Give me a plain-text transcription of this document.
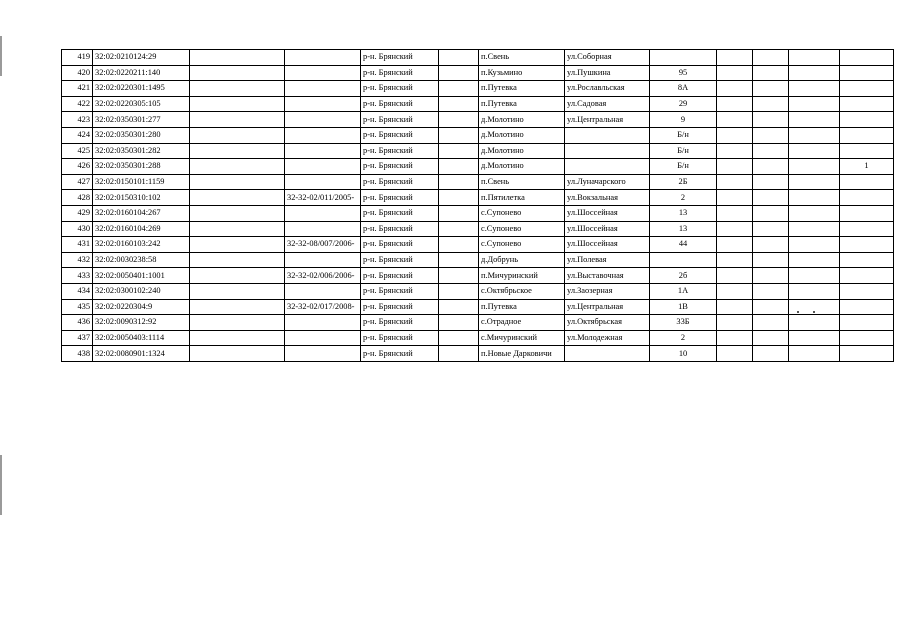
419	32:02:0210124:29			р-н. Брянский		п.Свень	ул.Соборная					
420	32:02:0220211:140			р-н. Брянский		п.Кузьмино	ул.Пушкина	95				
421	32:02:0220301:1495			р-н. Брянский		п.Путевка	ул.Рославльская	8А				
422	32:02:0220305:105			р-н. Брянский		п.Путевка	ул.Садовая	29				
423	32:02:0350301:277			р-н. Брянский		д.Молотино	ул.Центральная	9				
424	32:02:0350301:280			р-н. Брянский		д.Молотино		Б/н				
425	32:02:0350301:282			р-н. Брянский		д.Молотино		Б/н				
426	32:02:0350301:288			р-н. Брянский		д.Молотино		Б/н				1
427	32:02:0150101:1159			р-н. Брянский		п.Свень	ул.Луначарского	2Б				
428	32:02:0150310:102		32-32-02/011/2005-	р-н. Брянский		п.Пятилетка	ул.Вокзальная	2				
429	32:02:0160104:267			р-н. Брянский		с.Супонево	ул.Шоссейная	13				
430	32:02:0160104:269			р-н. Брянский		с.Супонево	ул.Шоссейная	13				
431	32:02:0160103:242		32-32-08/007/2006-	р-н. Брянский		с.Супонево	ул.Шоссейная	44				
432	32:02:0030238:58			р-н. Брянский		д.Добрунь	ул.Полевая					
433	32:02:0050401:1001		32-32-02/006/2006-	р-н. Брянский		п.Мичуринский	ул.Выставочная	2б				
434	32:02:0300102:240			р-н. Брянский		с.Октябрьское	ул.Заозерная	1А				
435	32:02:0220304:9		32-32-02/017/2008-	р-н. Брянский		п.Путевка	ул.Центральная	1В				
436	32:02:0090312:92			р-н. Брянский		с.Отрадное	ул.Октябрьская	33Б				
437	32:02:0050403:1114			р-н. Брянский		с.Мичуринский	ул.Молодежная	2				
438	32:02:0080901:1324			р-н. Брянский		п.Новые Дарковичи		10				
